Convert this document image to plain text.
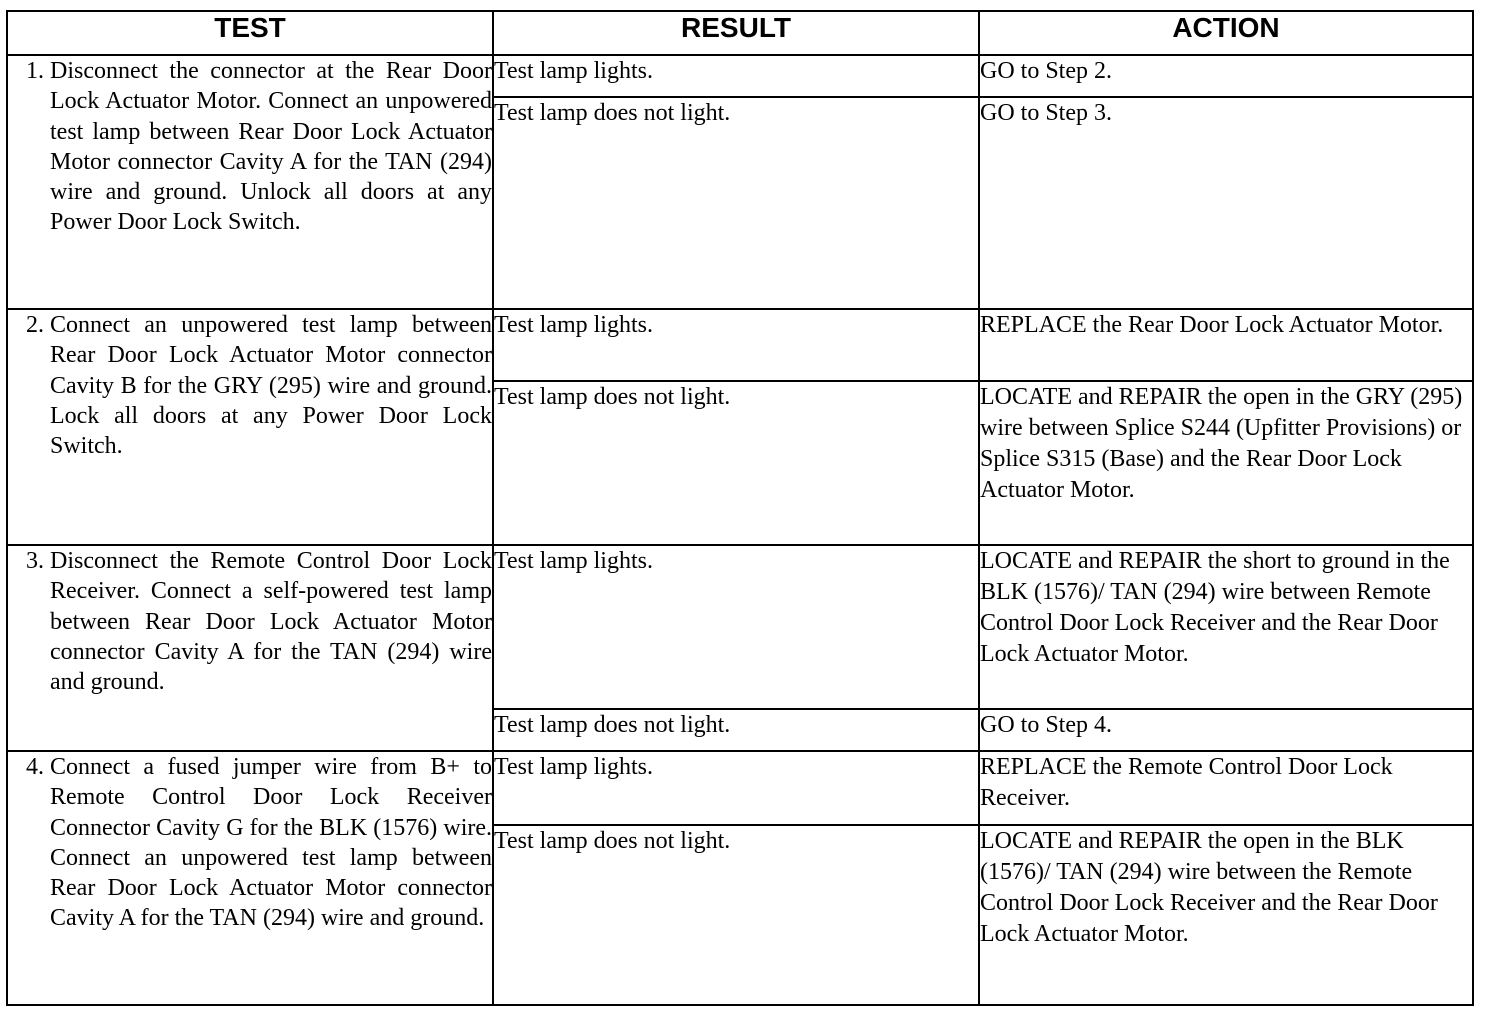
TEST	RESULT	ACTION

1. Disconnect the connector at the Rear Door Lock Actuator Motor. Connect an unpowered test lamp between Rear Door Lock Actuator Motor connector Cavity A for the TAN (294) wire and ground. Unlock all doors at any Power Door Lock Switch.	Test lamp lights.	GO to Step 2.
	Test lamp does not light.	GO to Step 3.

2. Connect an unpowered test lamp between Rear Door Lock Actuator Motor connector Cavity B for the GRY (295) wire and ground. Lock all doors at any Power Door Lock Switch.	Test lamp lights.	REPLACE the Rear Door Lock Actuator Motor.
	Test lamp does not light.	LOCATE and REPAIR the open in the GRY (295) wire between Splice S244 (Upfitter Provisions) or Splice S315 (Base) and the Rear Door Lock Actuator Motor.

3. Disconnect the Remote Control Door Lock Receiver. Connect a self-powered test lamp between Rear Door Lock Actuator Motor connector Cavity A for the TAN (294) wire and ground.	Test lamp lights.	LOCATE and REPAIR the short to ground in the BLK (1576)/ TAN (294) wire between Remote Control Door Lock Receiver and the Rear Door Lock Actuator Motor.
	Test lamp does not light.	GO to Step 4.

4. Connect a fused jumper wire from B+ to Remote Control Door Lock Receiver Connector Cavity G for the BLK (1576) wire. Connect an unpowered test lamp between Rear Door Lock Actuator Motor connector Cavity A for the TAN (294) wire and ground.	Test lamp lights.	REPLACE the Remote Control Door Lock Receiver.
	Test lamp does not light.	LOCATE and REPAIR the open in the BLK (1576)/ TAN (294) wire between the Remote Control Door Lock Receiver and the Rear Door Lock Actuator Motor.
